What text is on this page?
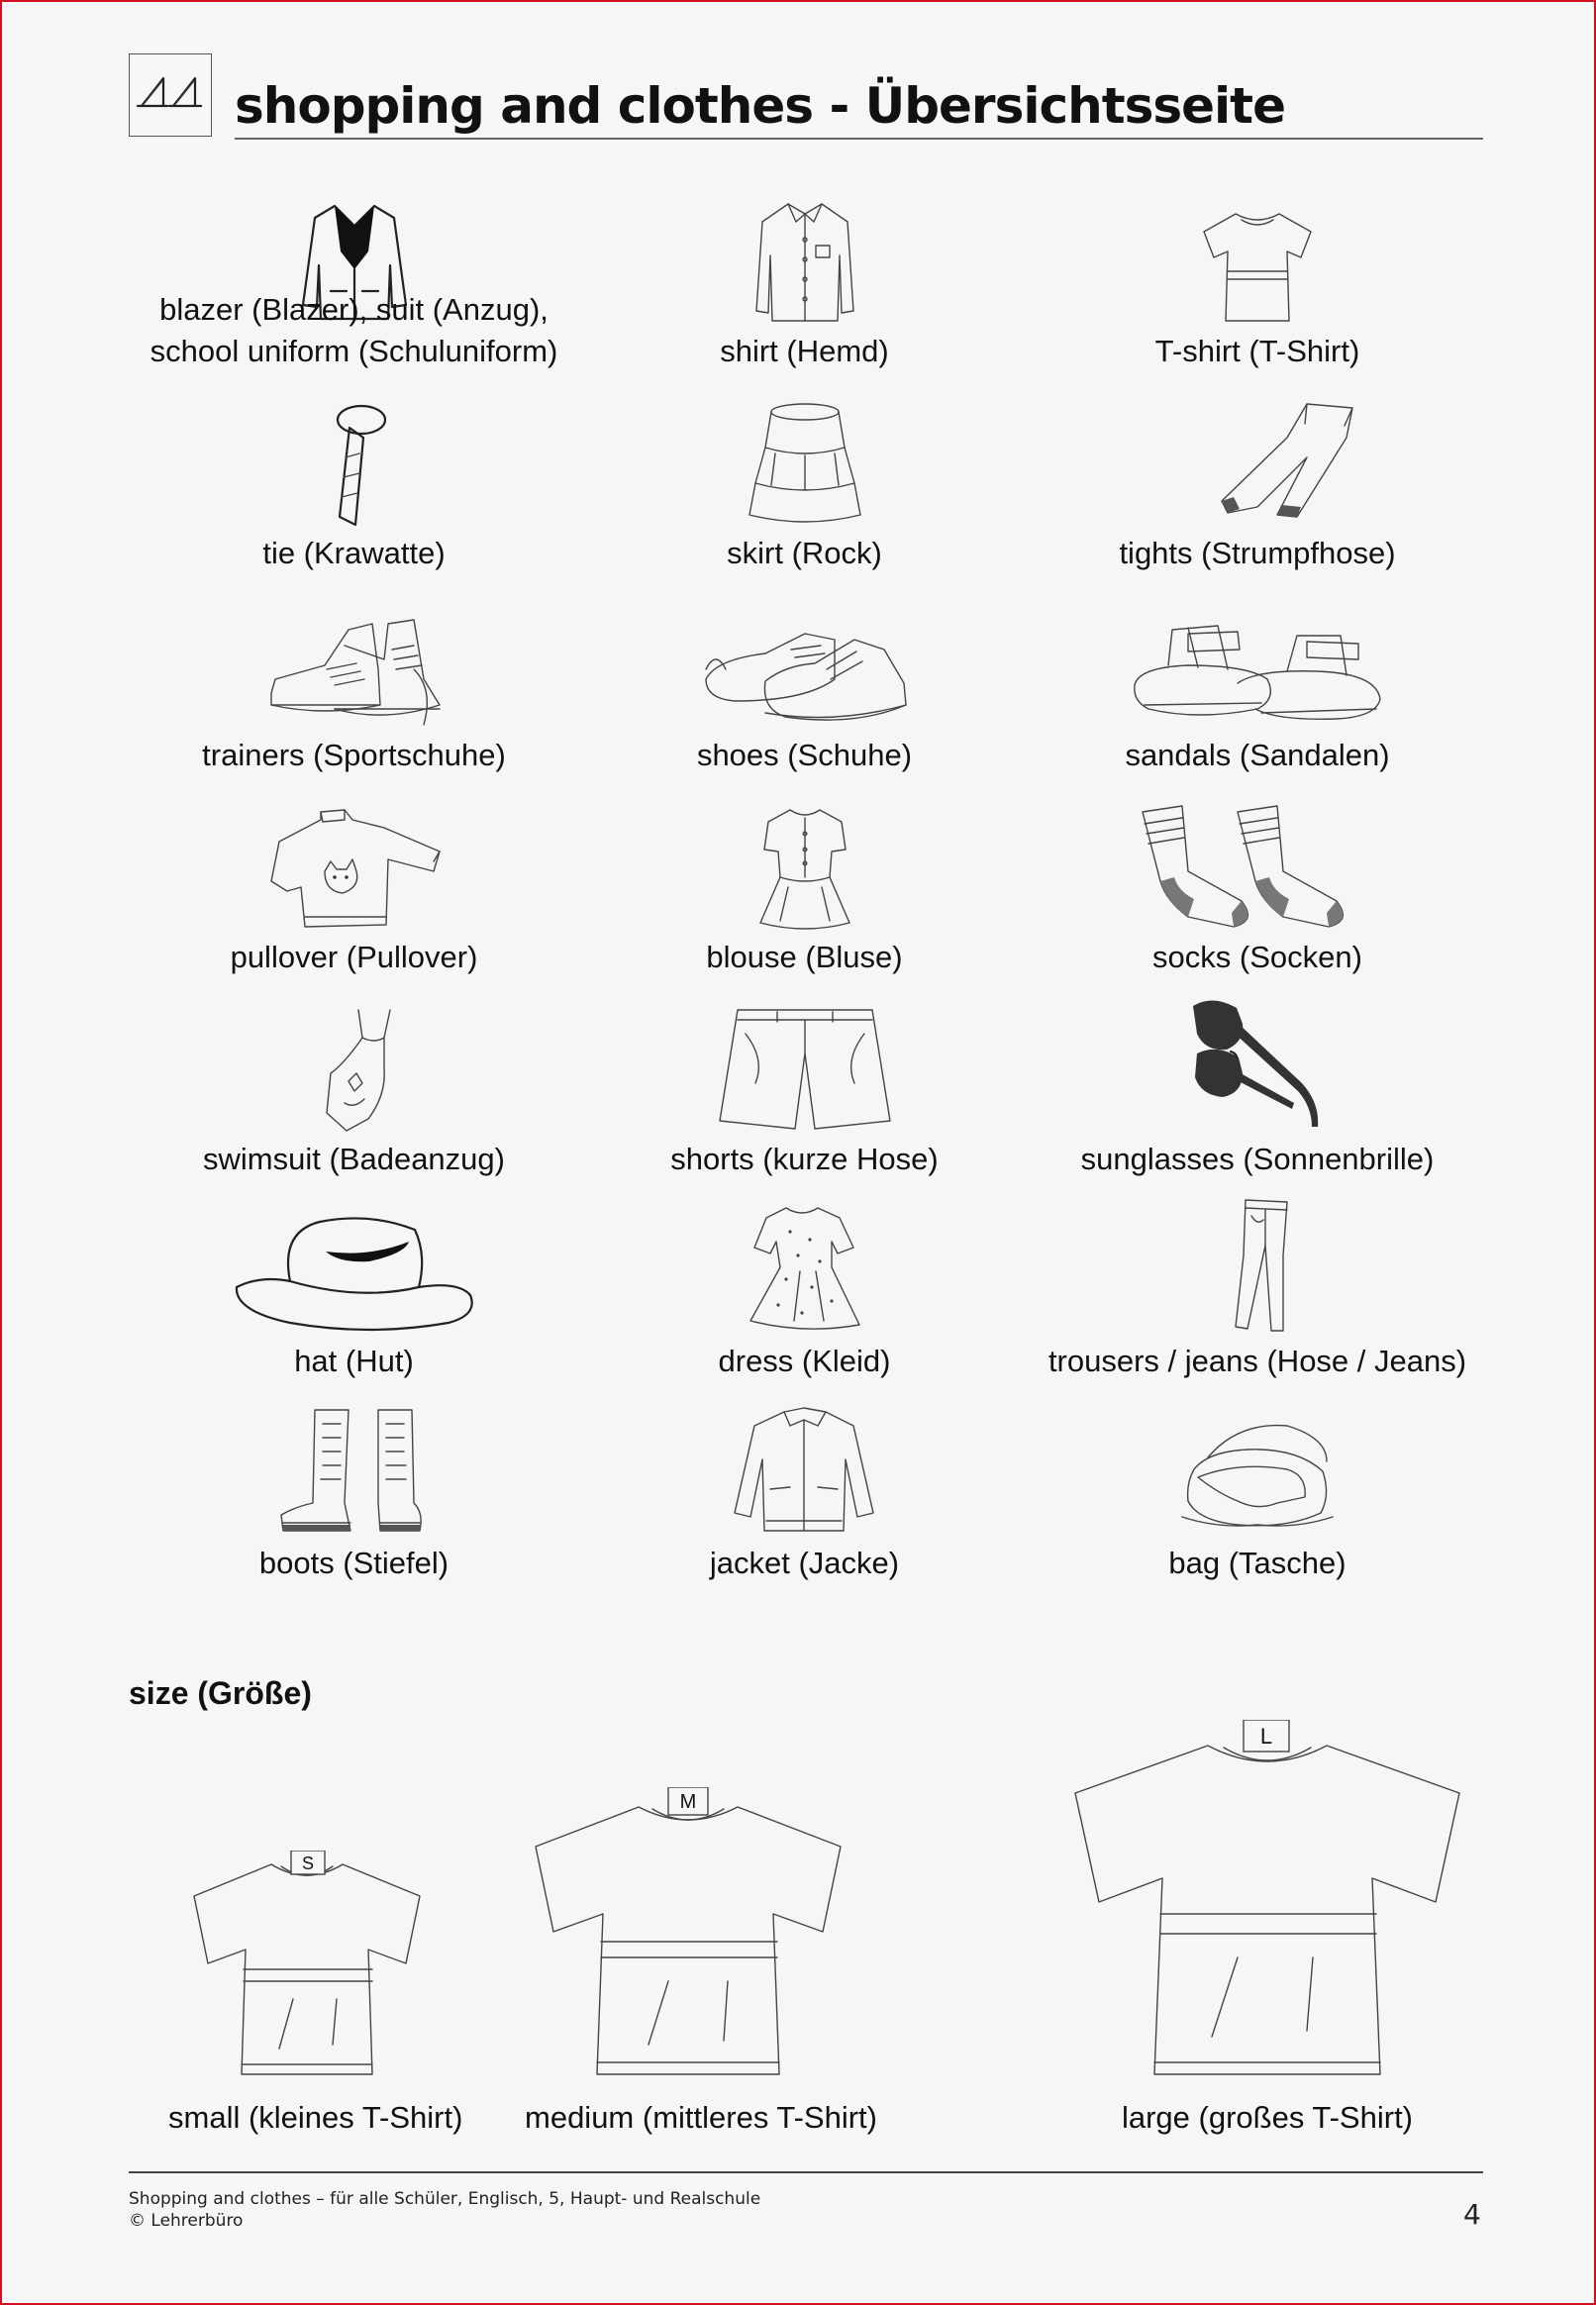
shopping and clothes - Übersichtsseite
blazer (Blazer), suit (Anzug),
school uniform (Schuluniform)	shirt (Hemd)	T-shirt (T-Shirt)
tie (Krawatte)	skirt (Rock)	tights (Strumpfhose)
trainers (Sportschuhe)	shoes (Schuhe)	sandals (Sandalen)
pullover (Pullover)	blouse (Bluse)	socks (Socken)
swimsuit (Badeanzug)	shorts (kurze Hose)	sunglasses (Sonnenbrille)
hat (Hut)	dress (Kleid)	trousers / jeans (Hose / Jeans)
boots (Stiefel)	jacket (Jacke)	bag (Tasche)
size (Größe)
S
small (kleines T-Shirt)
M
medium (mittleres T-Shirt)
L
large (großes T-Shirt)
Shopping and clothes – für alle Schüler, Englisch, 5, Haupt- und Realschule
© Lehrerbüro	4
